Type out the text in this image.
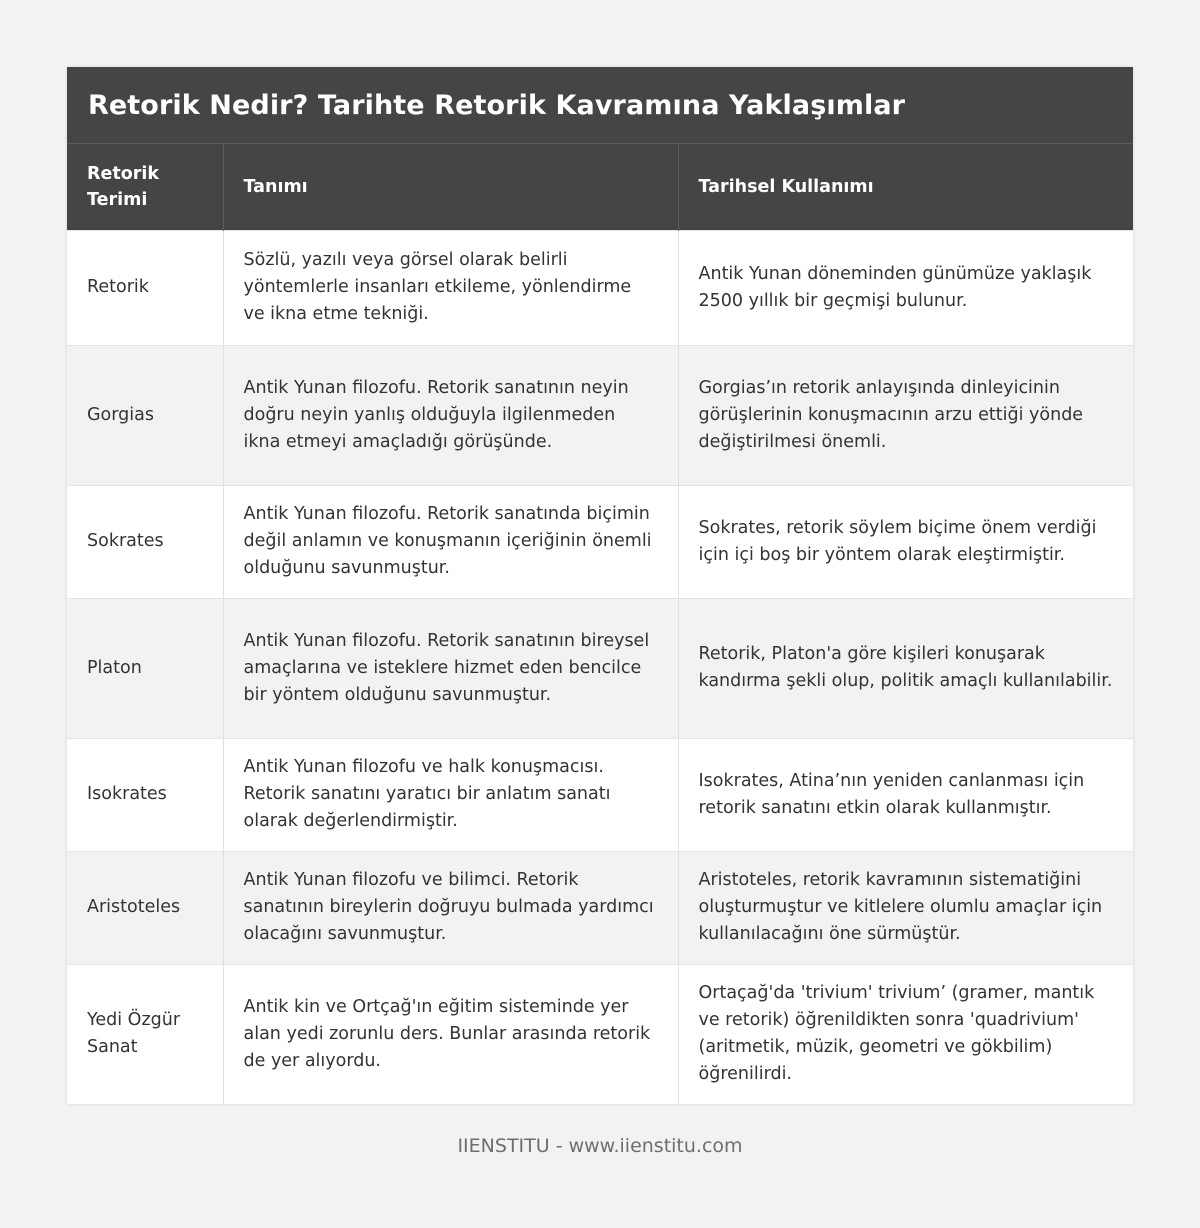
Retorik Nedir? Tarihte Retorik Kavramına Yaklaşımlar
Retorik Terimi	Tanımı	Tarihsel Kullanımı
Retorik	Sözlü, yazılı veya görsel olarak belirli yöntemlerle insanları etkileme, yönlendirme ve ikna etme tekniği.	Antik Yunan döneminden günümüze yaklaşık 2500 yıllık bir geçmişi bulunur.
Gorgias	Antik Yunan filozofu. Retorik sanatının neyin doğru neyin yanlış olduğuyla ilgilenmeden ikna etmeyi amaçladığı görüşünde.	Gorgias’ın retorik anlayışında dinleyicinin görüşlerinin konuşmacının arzu ettiği yönde değiştirilmesi önemli.
Sokrates	Antik Yunan filozofu. Retorik sanatında biçimin değil anlamın ve konuşmanın içeriğinin önemli olduğunu savunmuştur.	Sokrates, retorik söylem biçime önem verdiği için içi boş bir yöntem olarak eleştirmiştir.
Platon	Antik Yunan filozofu. Retorik sanatının bireysel amaçlarına ve isteklere hizmet eden bencilce bir yöntem olduğunu savunmuştur.	Retorik, Platon'a göre kişileri konuşarak kandırma şekli olup, politik amaçlı kullanılabilir.
Isokrates	Antik Yunan filozofu ve halk konuşmacısı. Retorik sanatını yaratıcı bir anlatım sanatı olarak değerlendirmiştir.	Isokrates, Atina’nın yeniden canlanması için retorik sanatını etkin olarak kullanmıştır.
Aristoteles	Antik Yunan filozofu ve bilimci. Retorik sanatının bireylerin doğruyu bulmada yardımcı olacağını savunmuştur.	Aristoteles, retorik kavramının sistematiğini oluşturmuştur ve kitlelere olumlu amaçlar için kullanılacağını öne sürmüştür.
Yedi Özgür Sanat	Antik kin ve Ortçağ'ın eğitim sisteminde yer alan yedi zorunlu ders. Bunlar arasında retorik de yer alıyordu.	Ortaçağ'da 'trivium' trivium’ (gramer, mantık ve retorik) öğrenildikten sonra 'quadrivium' (aritmetik, müzik, geometri ve gökbilim) öğrenilirdi.
IIENSTITU - www.iienstitu.com
